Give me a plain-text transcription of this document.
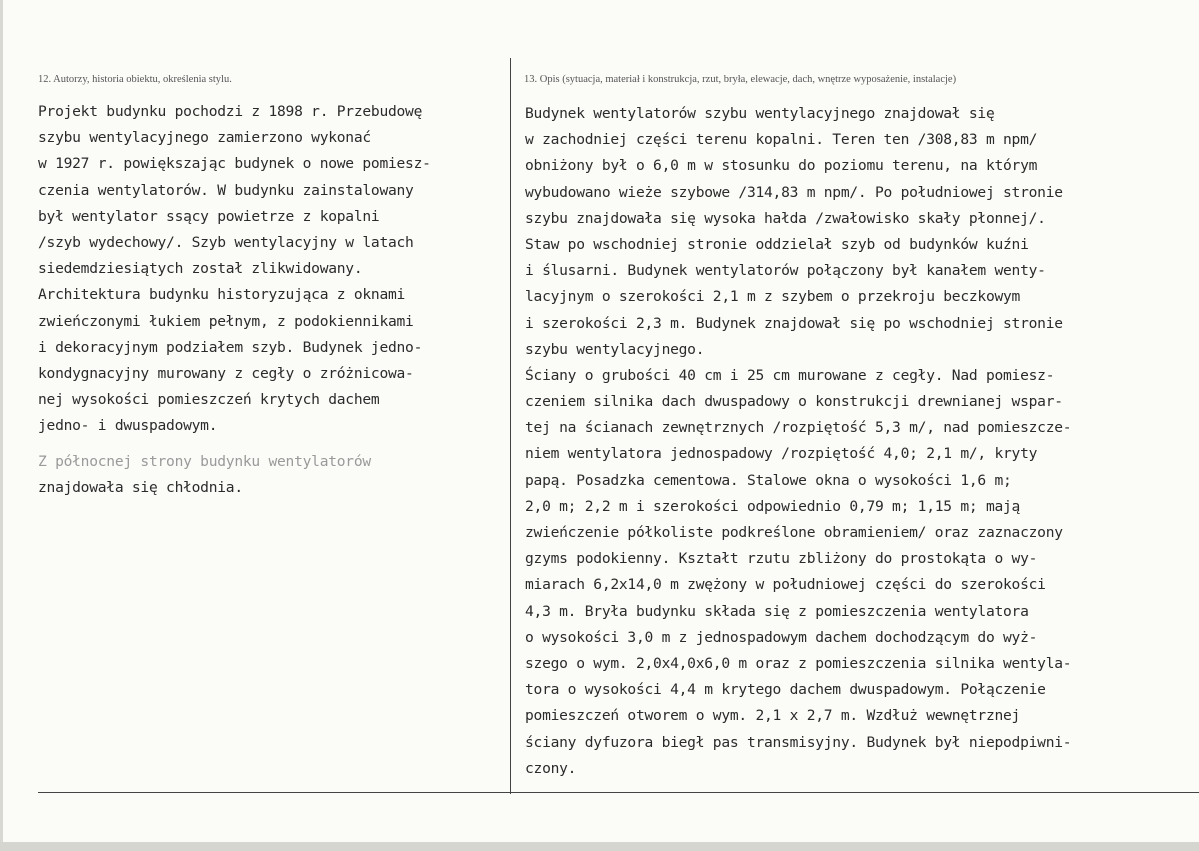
12. Autorzy, historia obiektu, określenia stylu.	13. Opis (sytuacja, materiał i konstrukcja, rzut, bryła, elewacje, dach, wnętrze wyposażenie, instalacje)
Projekt budynku pochodzi z 1898 r. Przebudowę
szybu wentylacyjnego zamierzono wykonać
w 1927 r. powiększając budynek o nowe pomiesz-
czenia wentylatorów. W budynku zainstalowany
był wentylator ssący powietrze z kopalni
/szyb wydechowy/. Szyb wentylacyjny w latach
siedemdziesiątych został zlikwidowany.
Architektura budynku historyzująca z oknami
zwieńczonymi łukiem pełnym, z podokiennikami
i dekoracyjnym podziałem szyb. Budynek jedno-
kondygnacyjny murowany z cegły o zróżnicowa-
nej wysokości pomieszczeń krytych dachem
jedno- i dwuspadowym.
Z północnej strony budynku wentylatorów
znajdowała się chłodnia.
Budynek wentylatorów szybu wentylacyjnego znajdował się
w zachodniej części terenu kopalni. Teren ten /308,83 m npm/
obniżony był o 6,0 m w stosunku do poziomu terenu, na którym
wybudowano wieże szybowe /314,83 m npm/. Po południowej stronie
szybu znajdowała się wysoka hałda /zwałowisko skały płonnej/.
Staw po wschodniej stronie oddzielał szyb od budynków kuźni
i ślusarni. Budynek wentylatorów połączony był kanałem wenty-
lacyjnym o szerokości 2,1 m z szybem o przekroju beczkowym
i szerokości 2,3 m. Budynek znajdował się po wschodniej stronie
szybu wentylacyjnego.
Ściany o grubości 40 cm i 25 cm murowane z cegły. Nad pomiesz-
czeniem silnika dach dwuspadowy o konstrukcji drewnianej wspar-
tej na ścianach zewnętrznych /rozpiętość 5,3 m/, nad pomieszcze-
niem wentylatora jednospadowy /rozpiętość 4,0; 2,1 m/, kryty
papą. Posadzka cementowa. Stalowe okna o wysokości 1,6 m;
2,0 m; 2,2 m i szerokości odpowiednio 0,79 m; 1,15 m; mają
zwieńczenie półkoliste podkreślone obramieniem/ oraz zaznaczony
gzyms podokienny. Kształt rzutu zbliżony do prostokąta o wy-
miarach 6,2x14,0 m zwężony w południowej części do szerokości
4,3 m. Bryła budynku składa się z pomieszczenia wentylatora
o wysokości 3,0 m z jednospadowym dachem dochodzącym do wyż-
szego o wym. 2,0x4,0x6,0 m oraz z pomieszczenia silnika wentyla-
tora o wysokości 4,4 m krytego dachem dwuspadowym. Połączenie
pomieszczeń otworem o wym. 2,1 x 2,7 m. Wzdłuż wewnętrznej
ściany dyfuzora biegł pas transmisyjny. Budynek był niepodpiwni-
czony.
